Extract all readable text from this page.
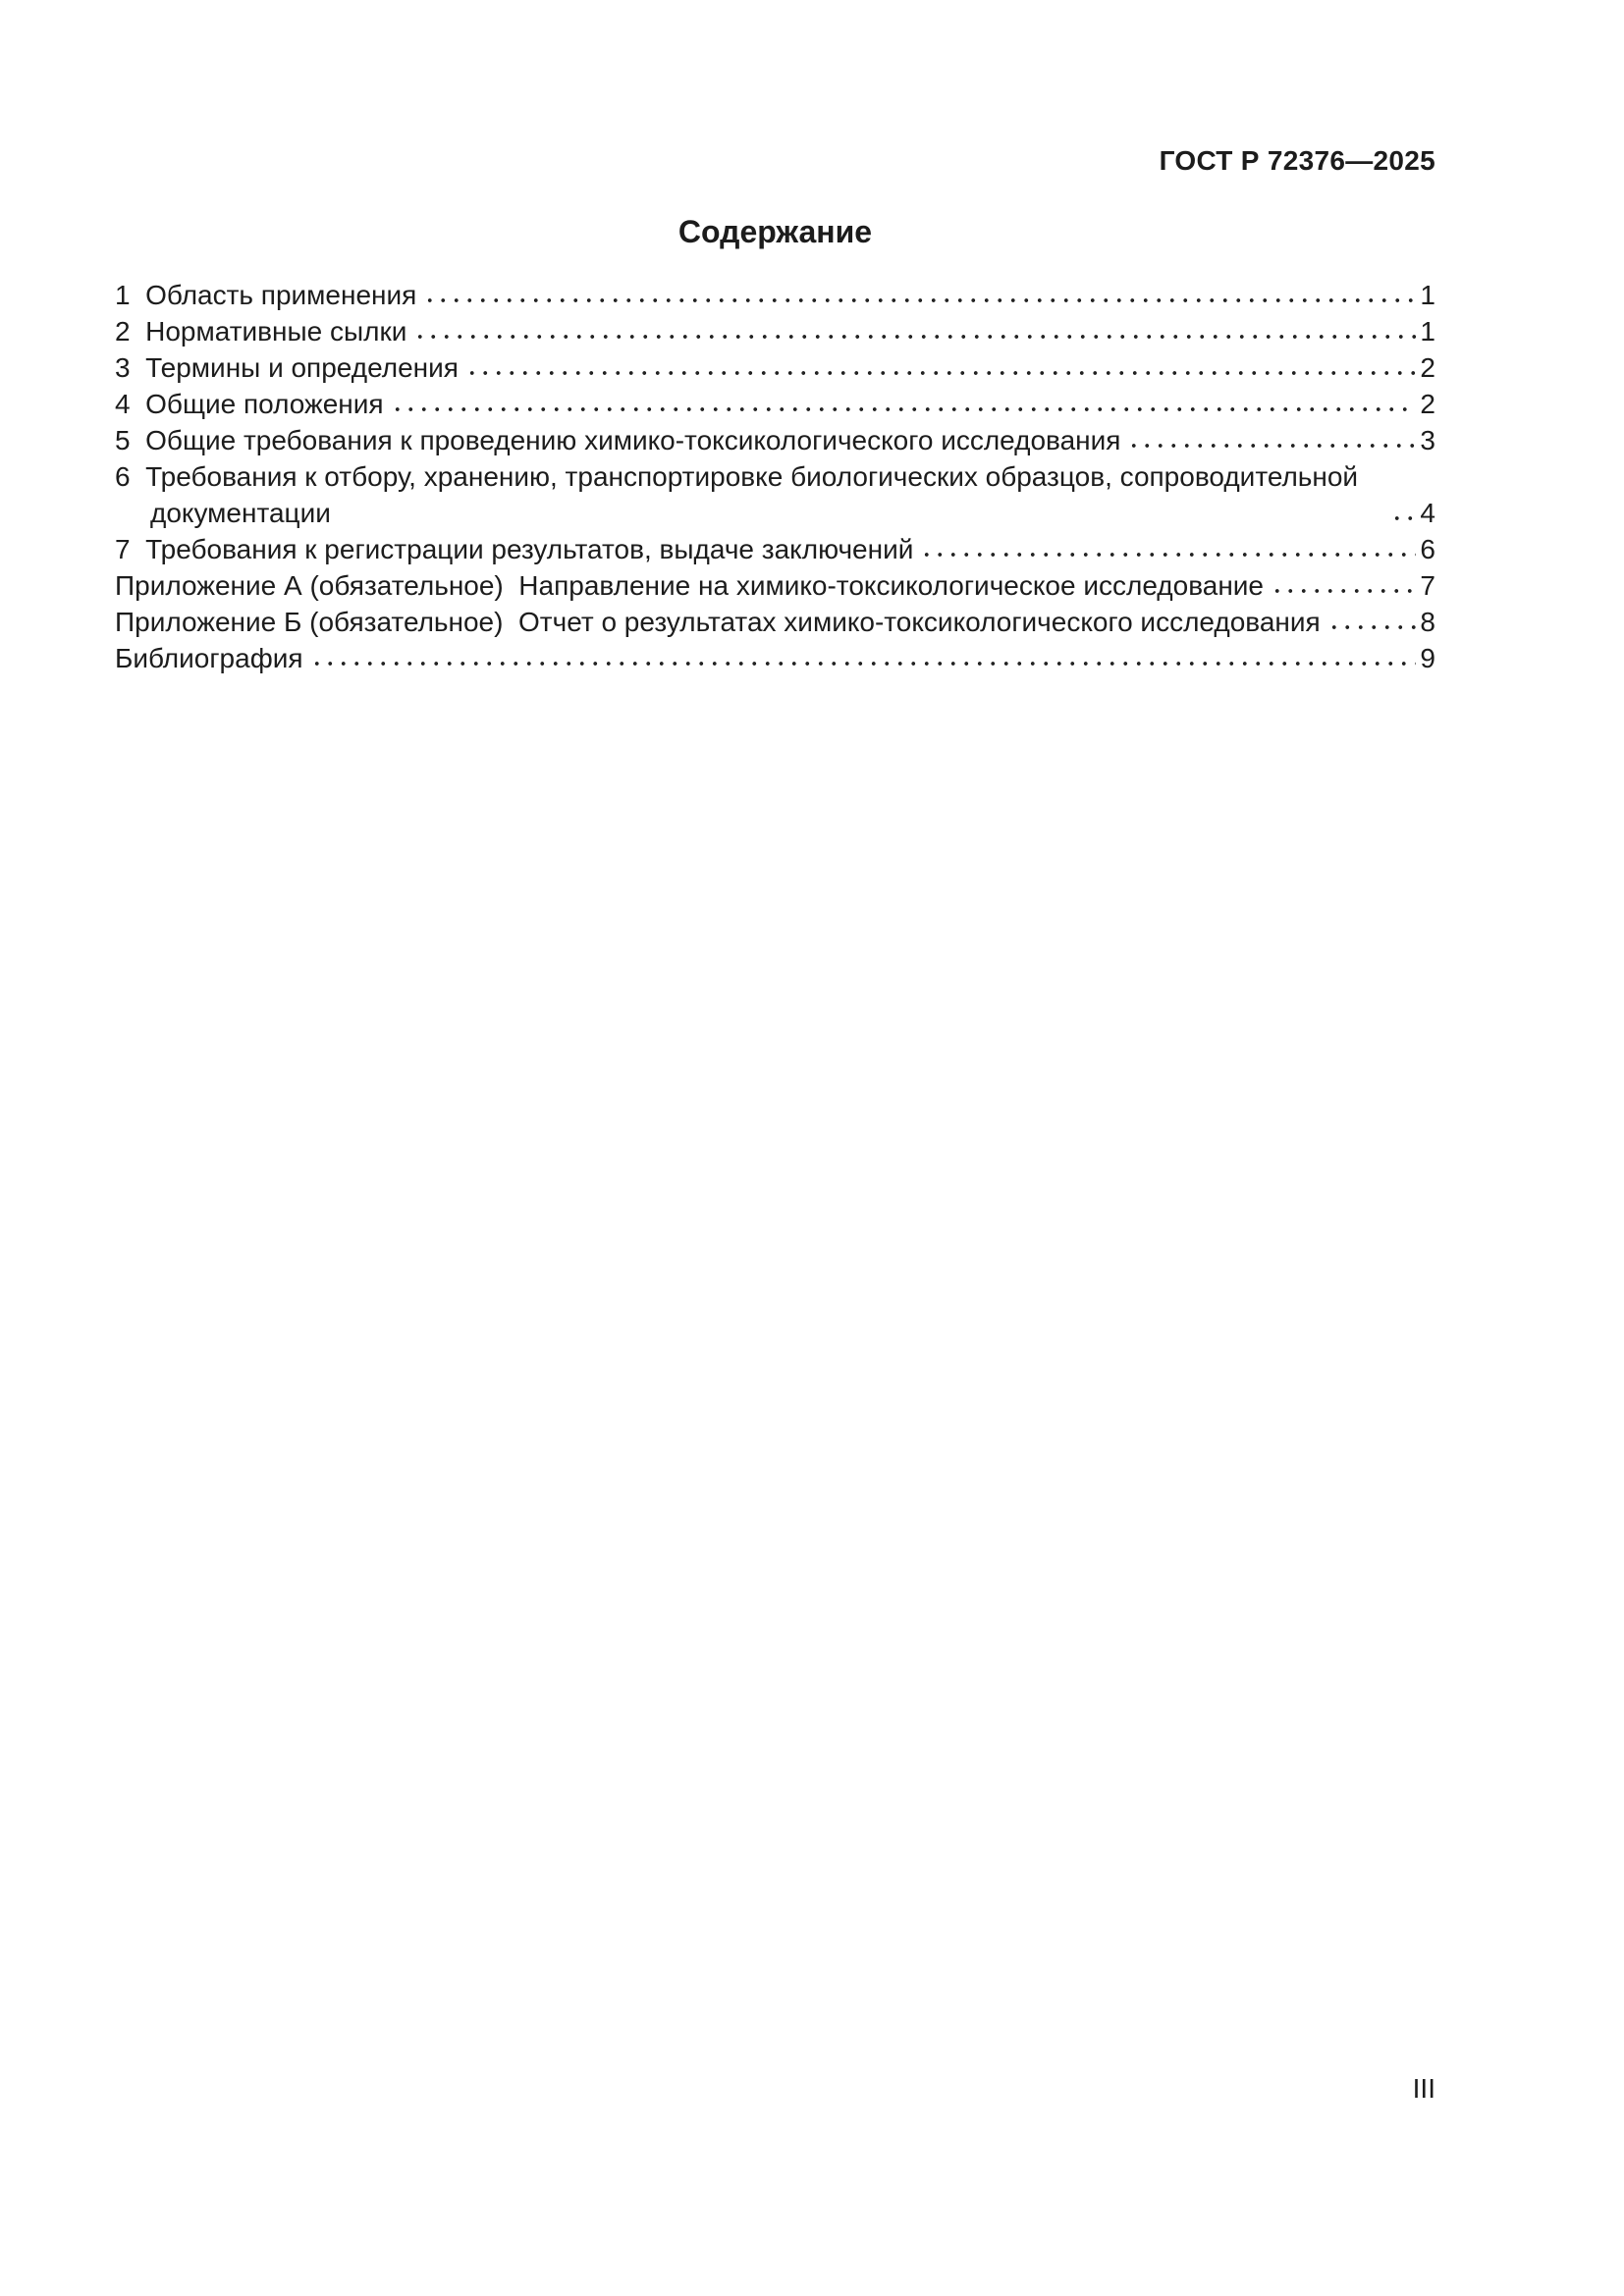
ГОСТ Р 72376—2025
Содержание
1  Область применения	1
2  Нормативные сылки	1
3  Термины и определения	2
4  Общие положения	2
5  Общие требования к проведению химико-токсикологического исследования	3
6  Требования к отбору, хранению, транспортировке биологических образцов, сопроводительной документации	4
7  Требования к регистрации результатов, выдаче заключений	6
Приложение А (обязательное)  Направление на химико-токсикологическое исследование	7
Приложение Б (обязательное)  Отчет о результатах химико-токсикологического исследования	8
Библиография	9
III
